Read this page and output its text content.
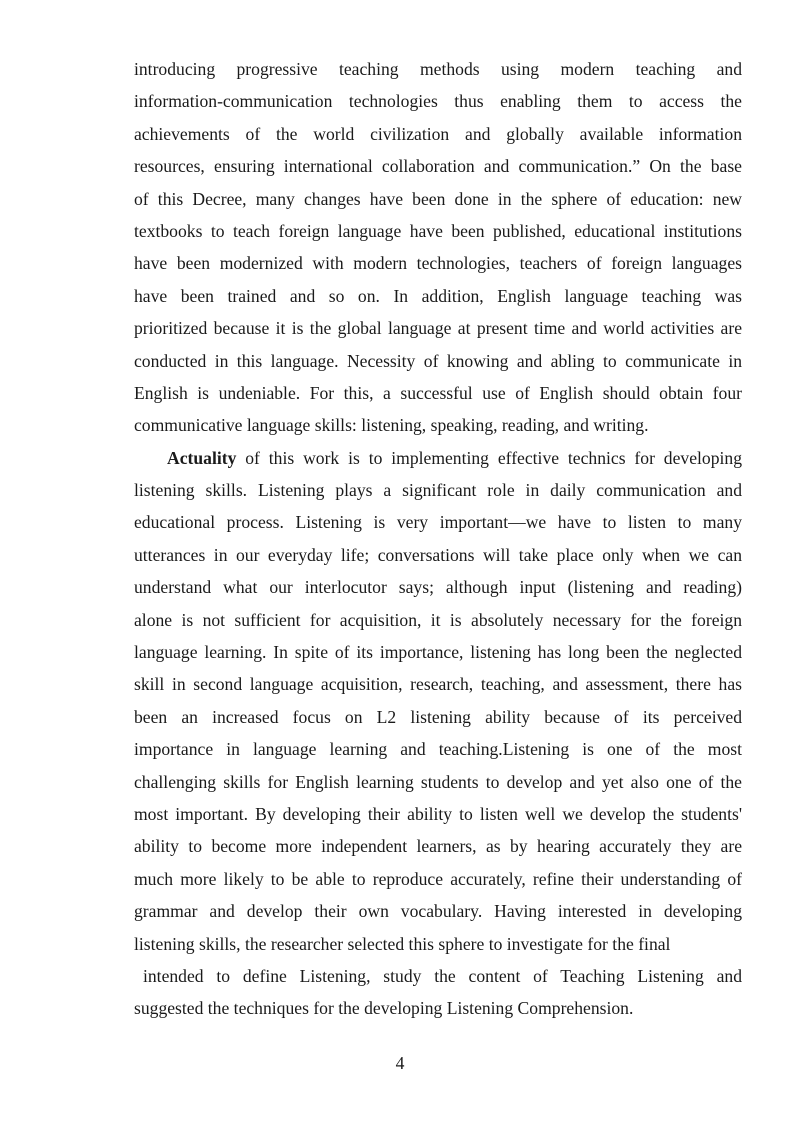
introducing progressive teaching methods using modern teaching and
information-communication technologies thus enabling them to access the
achievements of the world civilization and globally available information
resources, ensuring international collaboration and communication.” On the base
of this Decree, many changes have been done in the sphere of education: new
textbooks to teach foreign language have been published, educational institutions
have been modernized with modern technologies, teachers of foreign languages
have been trained and so on. In addition, English language teaching was
prioritized because it is the global language at present time and world activities are
conducted in this language. Necessity of knowing and abling to communicate in
English is undeniable. For this, a successful use of English should obtain four
communicative language skills: listening, speaking, reading, and writing.
Actuality of this work is to implementing effective technics for developing
listening skills. Listening plays a significant role in daily communication and
educational process. Listening is very important—we have to listen to many
utterances in our everyday life; conversations will take place only when we can
understand what our interlocutor says; although input (listening and reading)
alone is not sufficient for acquisition, it is absolutely necessary for the foreign
language learning. In spite of its importance, listening has long been the neglected
skill in second language acquisition, research, teaching, and assessment, there has
been an increased focus on L2 listening ability because of its perceived
importance in language learning and teaching.Listening is one of the most
challenging skills for English learning students to develop and yet also one of the
most important. By developing their ability to listen well we develop the students'
ability to become more independent learners, as by hearing accurately they are
much more likely to be able to reproduce accurately, refine their understanding of
grammar and develop their own vocabulary. Having interested in developing
listening skills, the researcher selected this sphere to investigate for the final
intended to define Listening, study the content of Teaching Listening and
suggested the techniques for the developing Listening Comprehension.
4
